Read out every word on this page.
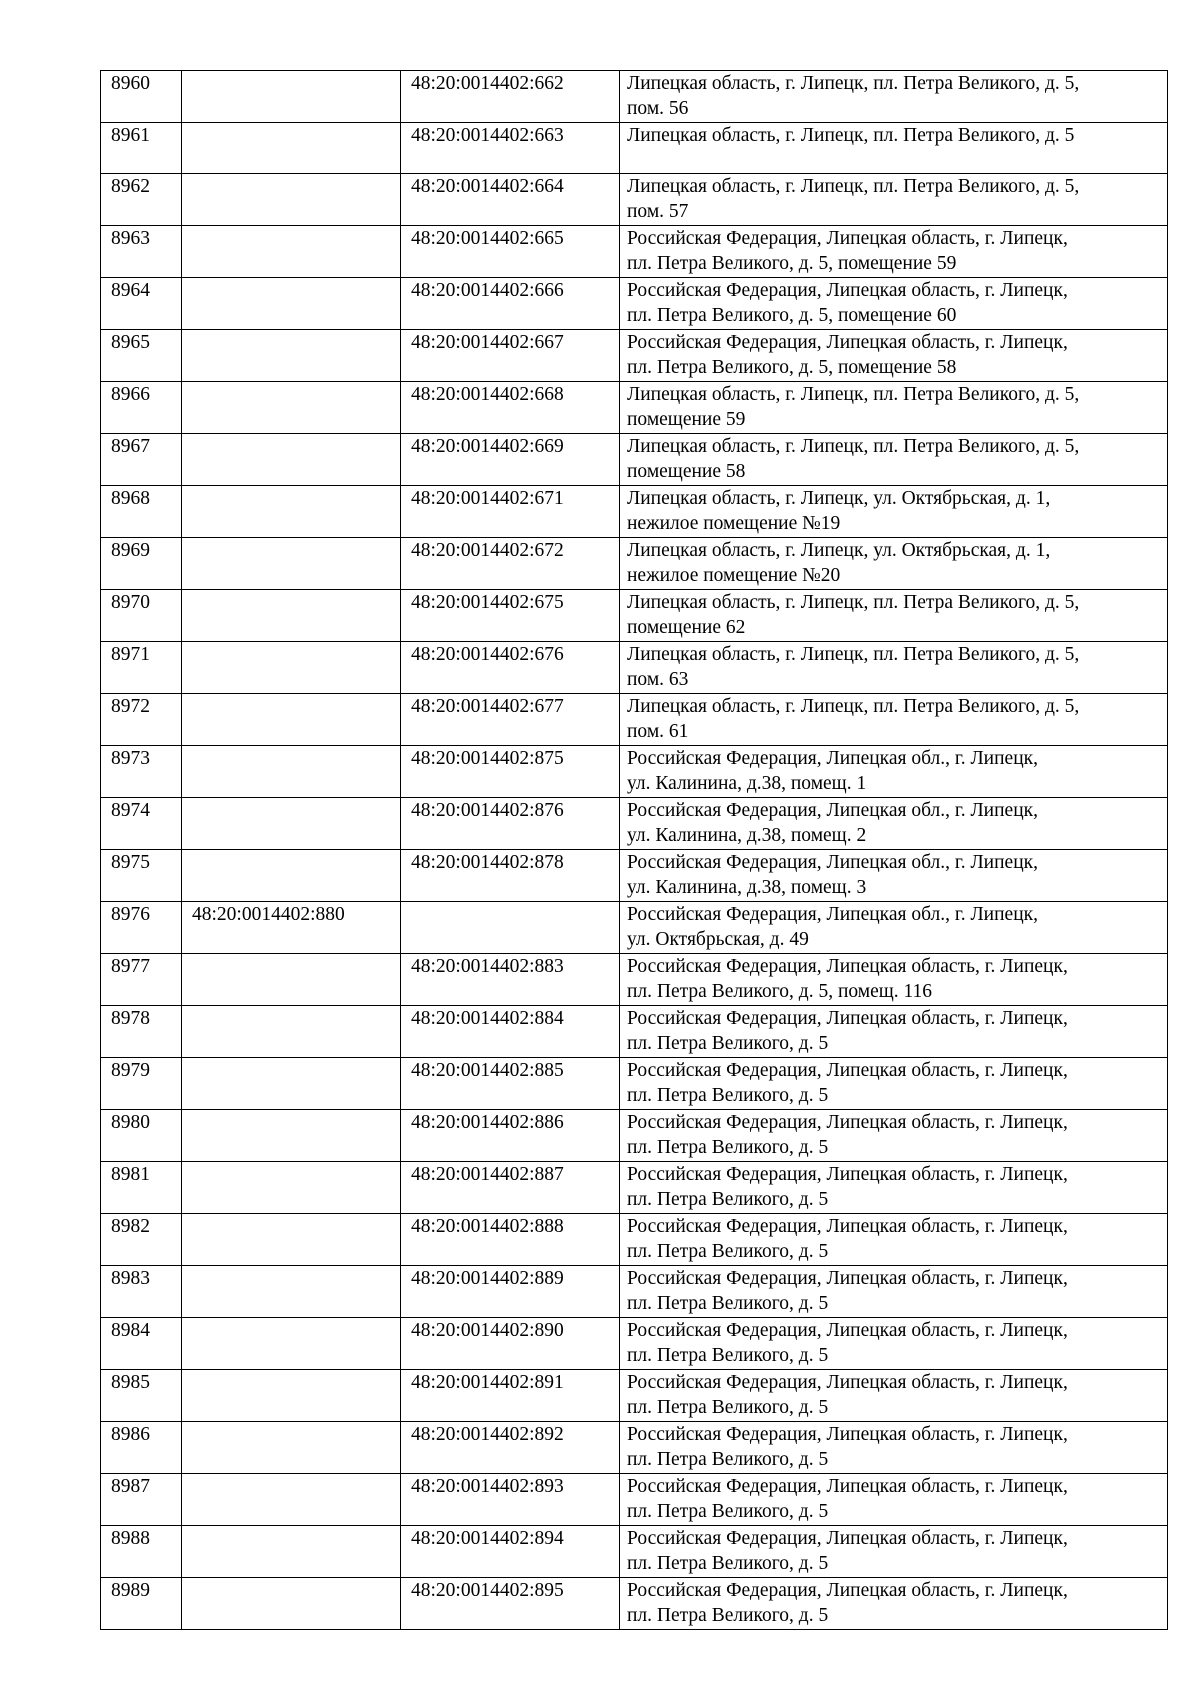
8960		48:20:0014402:662	Липецкая область, г. Липецк, пл. Петра Великого, д. 5,
пом. 56

8961		48:20:0014402:663	Липецкая область, г. Липецк, пл. Петра Великого, д. 5

8962		48:20:0014402:664	Липецкая область, г. Липецк, пл. Петра Великого, д. 5,
пом. 57

8963		48:20:0014402:665	Российская Федерация, Липецкая область, г. Липецк,
пл. Петра Великого, д. 5, помещение 59

8964		48:20:0014402:666	Российская Федерация, Липецкая область, г. Липецк,
пл. Петра Великого, д. 5, помещение 60

8965		48:20:0014402:667	Российская Федерация, Липецкая область, г. Липецк,
пл. Петра Великого, д. 5, помещение 58

8966		48:20:0014402:668	Липецкая область, г. Липецк, пл. Петра Великого, д. 5,
помещение 59

8967		48:20:0014402:669	Липецкая область, г. Липецк, пл. Петра Великого, д. 5,
помещение 58

8968		48:20:0014402:671	Липецкая область, г. Липецк, ул. Октябрьская, д. 1,
нежилое помещение №19

8969		48:20:0014402:672	Липецкая область, г. Липецк, ул. Октябрьская, д. 1,
нежилое помещение №20

8970		48:20:0014402:675	Липецкая область, г. Липецк, пл. Петра Великого, д. 5,
помещение 62

8971		48:20:0014402:676	Липецкая область, г. Липецк, пл. Петра Великого, д. 5,
пом. 63

8972		48:20:0014402:677	Липецкая область, г. Липецк, пл. Петра Великого, д. 5,
пом. 61

8973		48:20:0014402:875	Российская Федерация, Липецкая обл., г. Липецк,
ул. Калинина, д.38, помещ. 1

8974		48:20:0014402:876	Российская Федерация, Липецкая обл., г. Липецк,
ул. Калинина, д.38, помещ. 2

8975		48:20:0014402:878	Российская Федерация, Липецкая обл., г. Липецк,
ул. Калинина, д.38, помещ. 3

8976	48:20:0014402:880		Российская Федерация, Липецкая обл., г. Липецк,
ул. Октябрьская, д. 49

8977		48:20:0014402:883	Российская Федерация, Липецкая область, г. Липецк,
пл. Петра Великого, д. 5, помещ. 116

8978		48:20:0014402:884	Российская Федерация, Липецкая область, г. Липецк,
пл. Петра Великого, д. 5

8979		48:20:0014402:885	Российская Федерация, Липецкая область, г. Липецк,
пл. Петра Великого, д. 5

8980		48:20:0014402:886	Российская Федерация, Липецкая область, г. Липецк,
пл. Петра Великого, д. 5

8981		48:20:0014402:887	Российская Федерация, Липецкая область, г. Липецк,
пл. Петра Великого, д. 5

8982		48:20:0014402:888	Российская Федерация, Липецкая область, г. Липецк,
пл. Петра Великого, д. 5

8983		48:20:0014402:889	Российская Федерация, Липецкая область, г. Липецк,
пл. Петра Великого, д. 5

8984		48:20:0014402:890	Российская Федерация, Липецкая область, г. Липецк,
пл. Петра Великого, д. 5

8985		48:20:0014402:891	Российская Федерация, Липецкая область, г. Липецк,
пл. Петра Великого, д. 5

8986		48:20:0014402:892	Российская Федерация, Липецкая область, г. Липецк,
пл. Петра Великого, д. 5

8987		48:20:0014402:893	Российская Федерация, Липецкая область, г. Липецк,
пл. Петра Великого, д. 5

8988		48:20:0014402:894	Российская Федерация, Липецкая область, г. Липецк,
пл. Петра Великого, д. 5

8989		48:20:0014402:895	Российская Федерация, Липецкая область, г. Липецк,
пл. Петра Великого, д. 5
